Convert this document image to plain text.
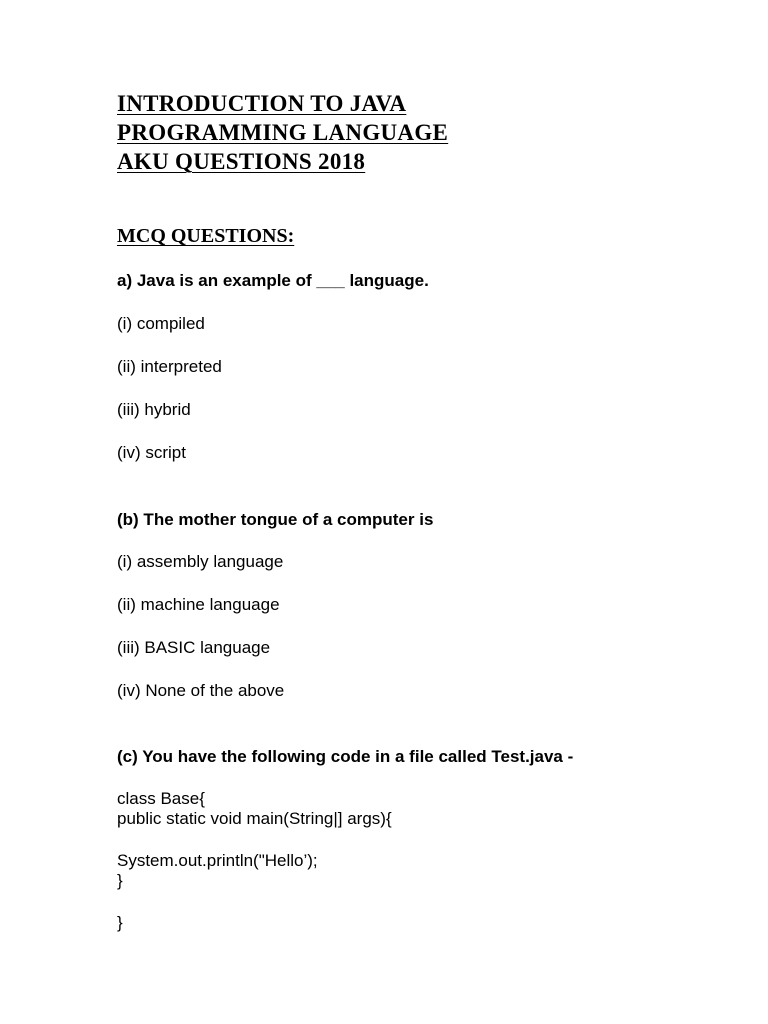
INTRODUCTION TO JAVA
PROGRAMMING LANGUAGE
AKU QUESTIONS 2018
MCQ QUESTIONS:
a) Java is an example of ___ language.
(i) compiled
(ii) interpreted
(iii) hybrid
(iv) script
(b) The mother tongue of a computer is
(i) assembly language
(ii) machine language
(iii) BASIC language
(iv) None of the above
(c) You have the following code in a file called Test.java -
class Base{
public static void main(String|] args){
System.out.println("Hello’);
}
}
